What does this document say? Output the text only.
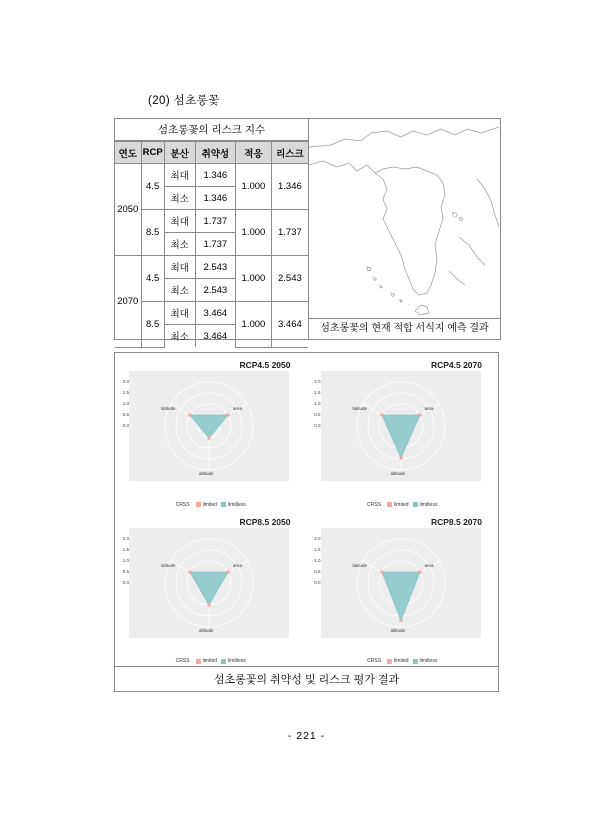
(20) 섬초롱꽃
섬초롱꽃의 리스크 지수
연도	RCP	분산	취약성	적응	리스크
2050	4.5	최대	1.346	1.000	1.346
		최소	1.346		
	8.5	최대	1.737	1.000	1.737
		최소	1.737		
2070	4.5	최대	2.543	1.000	2.543
		최소	2.543		
	8.5	최대	3.464	1.000	3.464
		최소	3.464		
섬초롱꽃의 현재 적합 서식지 예측 결과
RCP4.5 2050
latitude	area
altitude
0.0
0.5
1.0
1.5
2.0
CRSS	limited limitless
RCP4.5 2070
latitude	area
altitude
0.0
0.5
1.0
1.5
2.0
CRSS	limited limitless
RCP8.5 2050
latitude	area
altitude
0.0
0.5
1.0
1.5
2.0
CRSS	limited limitless
RCP8.5 2070
latitude	area
altitude
0.0
0.5
1.0
1.5
2.0
CRSS	limited limitless
섬초롱꽃의 취약성 및 리스크 평가 결과
- 221 -
